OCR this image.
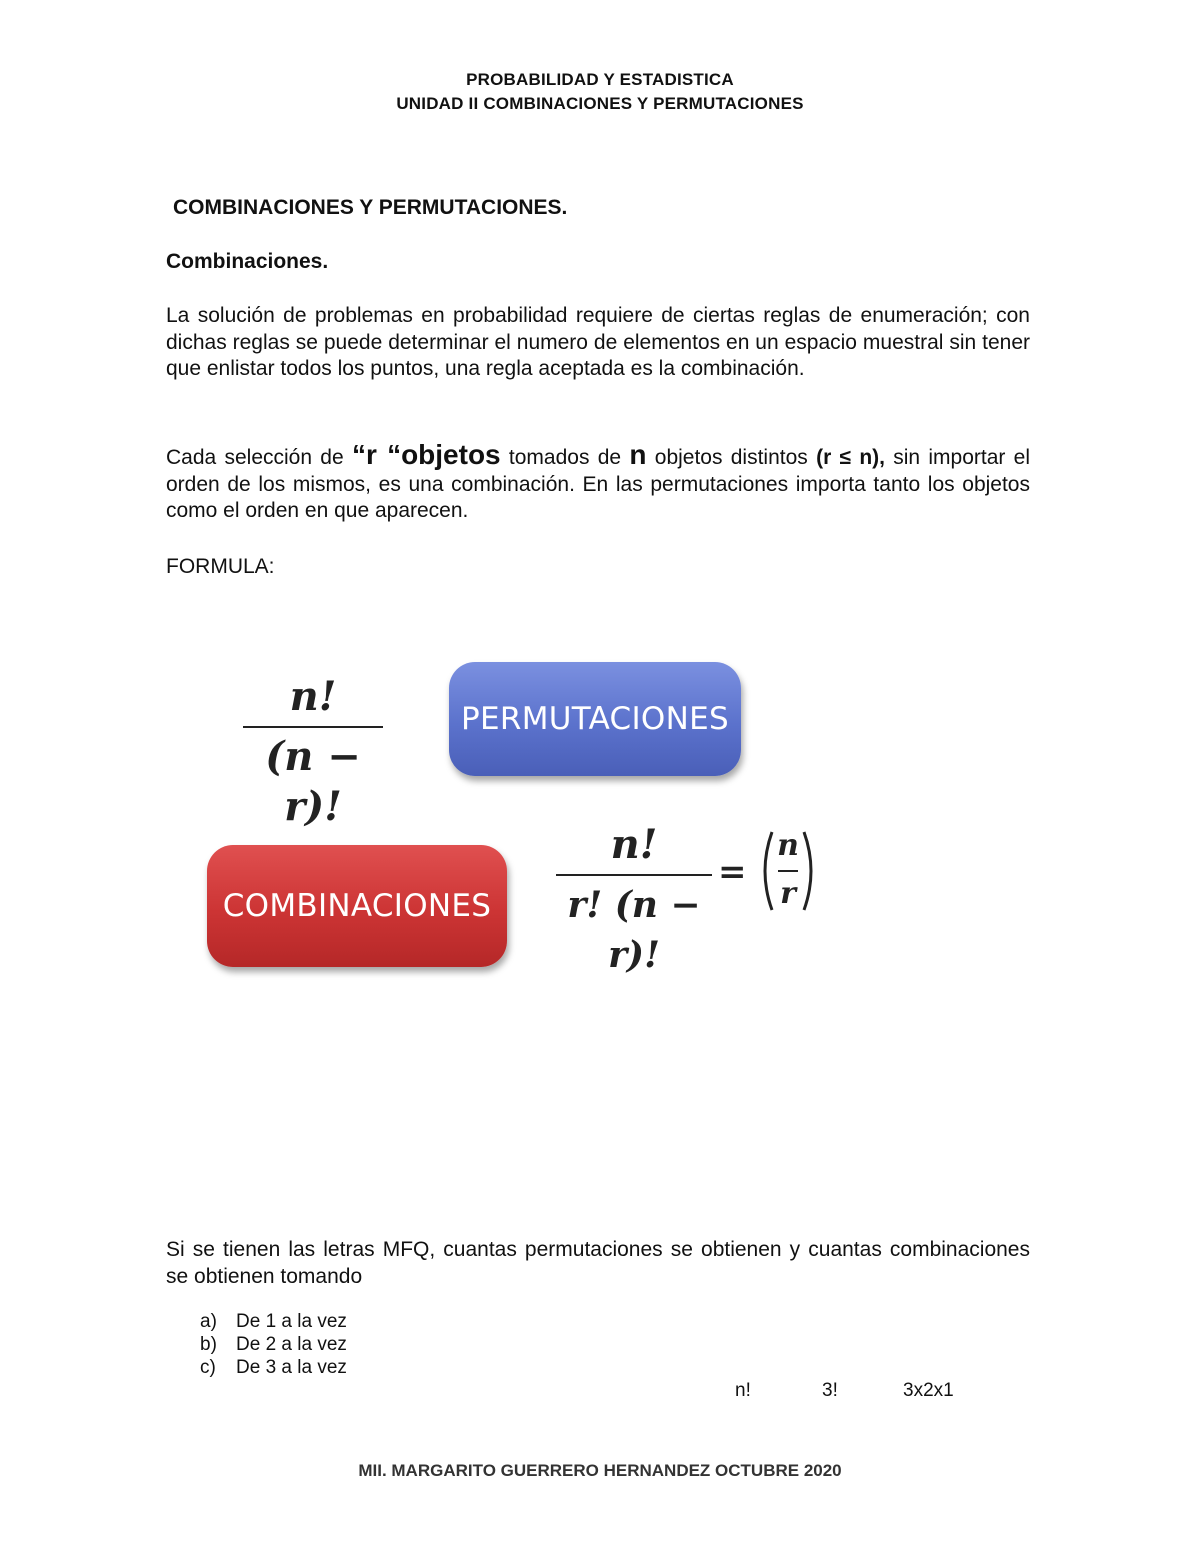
PROBABILIDAD Y ESTADISTICA
UNIDAD II COMBINACIONES Y PERMUTACIONES
COMBINACIONES Y PERMUTACIONES.
Combinaciones.
La solución de problemas en probabilidad requiere de ciertas reglas de enumeración; con dichas reglas se puede determinar el numero de elementos en un espacio muestral sin tener que enlistar todos los puntos, una regla aceptada es la combinación.
Cada selección de “r “objetos tomados de n objetos distintos (r ≤ n), sin importar el orden de los mismos, es una combinación. En las permutaciones importa tanto los objetos como el orden en que aparecen.
FORMULA:
n!
(n − r)!
PERMUTACIONES
COMBINACIONES
n!
r! (n − r)!
=
n
r
Si se tienen las letras MFQ, cuantas permutaciones se obtienen y cuantas combinaciones se obtienen tomando
a) De 1 a la vez
b) De 2 a la vez
c) De 3 a la vez
n!	3!	3x2x1
MII. MARGARITO GUERRERO HERNANDEZ OCTUBRE 2020
